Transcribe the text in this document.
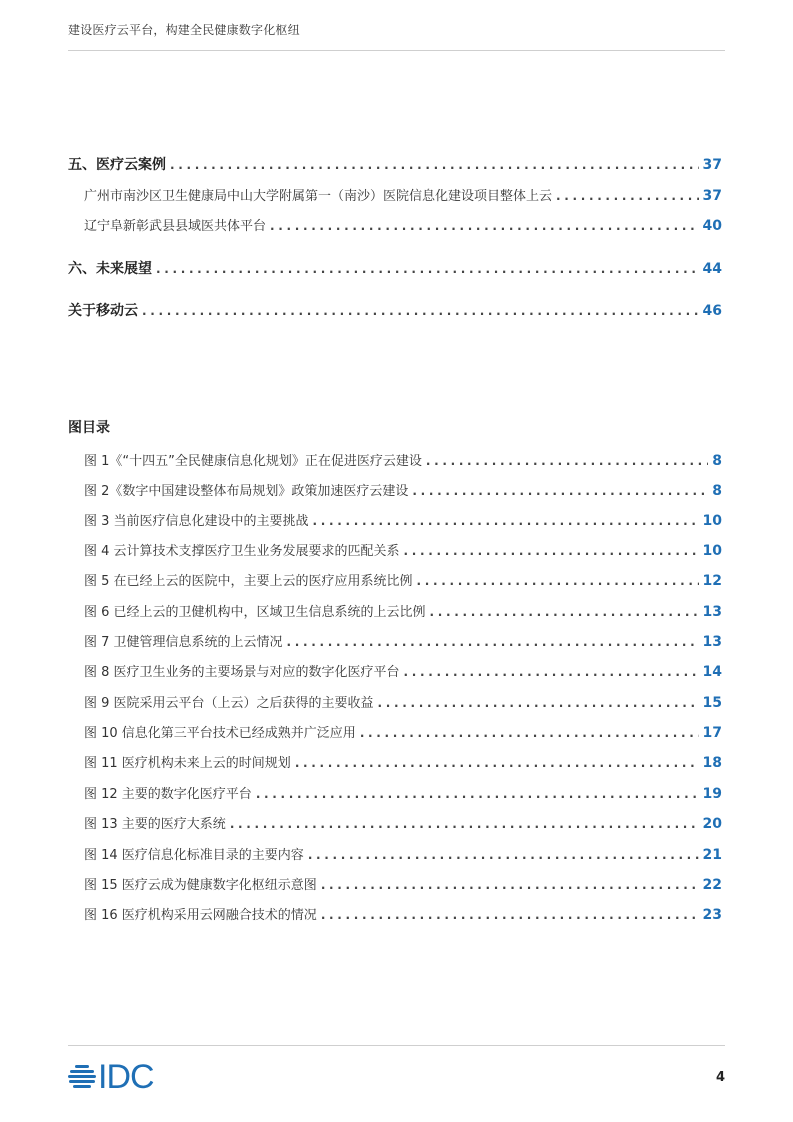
建设医疗云平台，构建全民健康数字化枢纽
五、医疗云案例 . . .	37
广州市南沙区卫生健康局中山大学附属第一（南沙）医院信息化建设项目整体上云 . . .	37
辽宁阜新彰武县县域医共体平台 . . .	40
六、未来展望 . . .	44
关于移动云 . . .	46
图目录
图 1《“十四五”全民健康信息化规划》正在促进医疗云建设 . . .	8
图 2《数字中国建设整体布局规划》政策加速医疗云建设 . . .	8
图 3 当前医疗信息化建设中的主要挑战 . . .	10
图 4 云计算技术支撑医疗卫生业务发展要求的匹配关系 . . .	10
图 5 在已经上云的医院中，主要上云的医疗应用系统比例 . . .	12
图 6 已经上云的卫健机构中，区域卫生信息系统的上云比例 . . .	13
图 7 卫健管理信息系统的上云情况 . . .	13
图 8 医疗卫生业务的主要场景与对应的数字化医疗平台 . . .	14
图 9 医院采用云平台（上云）之后获得的主要收益 . . .	15
图 10 信息化第三平台技术已经成熟并广泛应用 . . .	17
图 11 医疗机构未来上云的时间规划 . . .	18
图 12 主要的数字化医疗平台 . . .	19
图 13 主要的医疗大系统 . . .	20
图 14 医疗信息化标准目录的主要内容 . . .	21
图 15 医疗云成为健康数字化枢纽示意图 . . .	22
图 16 医疗机构采用云网融合技术的情况 . . .	23
IDC	4
